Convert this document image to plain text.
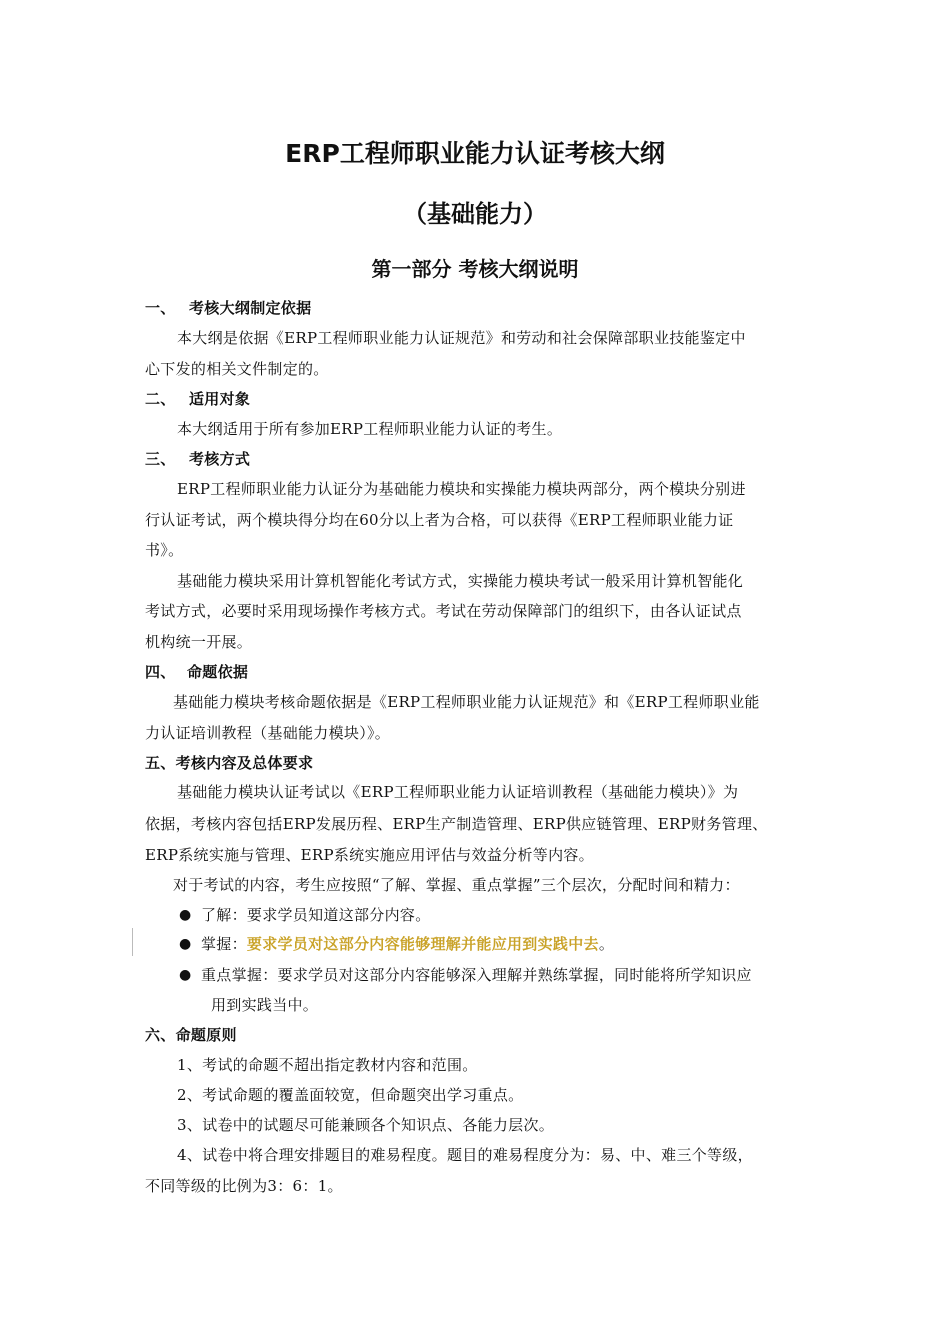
ERP工程师职业能力认证考核大纲
（基础能力）
第一部分 考核大纲说明
一、 考核大纲制定依据
本大纲是依据《ERP工程师职业能力认证规范》和劳动和社会保障部职业技能鉴定中
心下发的相关文件制定的。
二、 适用对象
本大纲适用于所有参加ERP工程师职业能力认证的考生。
三、 考核方式
ERP工程师职业能力认证分为基础能力模块和实操能力模块两部分，两个模块分别进
行认证考试，两个模块得分均在60分以上者为合格，可以获得《ERP工程师职业能力证
书》。
基础能力模块采用计算机智能化考试方式，实操能力模块考试一般采用计算机智能化
考试方式，必要时采用现场操作考核方式。考试在劳动保障部门的组织下，由各认证试点
机构统一开展。
四、 命题依据
基础能力模块考核命题依据是《ERP工程师职业能力认证规范》和《ERP工程师职业能
力认证培训教程（基础能力模块）》。
五、考核内容及总体要求
基础能力模块认证考试以《ERP工程师职业能力认证培训教程（基础能力模块）》为
依据，考核内容包括ERP发展历程、ERP生产制造管理、ERP供应链管理、ERP财务管理、
ERP系统实施与管理、ERP系统实施应用评估与效益分析等内容。
对于考试的内容，考生应按照“了解、掌握、重点掌握”三个层次，分配时间和精力：
● 了解：要求学员知道这部分内容。
● 掌握：要求学员对这部分内容能够理解并能应用到实践中去。
● 重点掌握：要求学员对这部分内容能够深入理解并熟练掌握，同时能将所学知识应
用到实践当中。
六、命题原则
1、考试的命题不超出指定教材内容和范围。
2、考试命题的覆盖面较宽，但命题突出学习重点。
3、试卷中的试题尽可能兼顾各个知识点、各能力层次。
4、试卷中将合理安排题目的难易程度。题目的难易程度分为：易、中、难三个等级，
不同等级的比例为3：6：1。
